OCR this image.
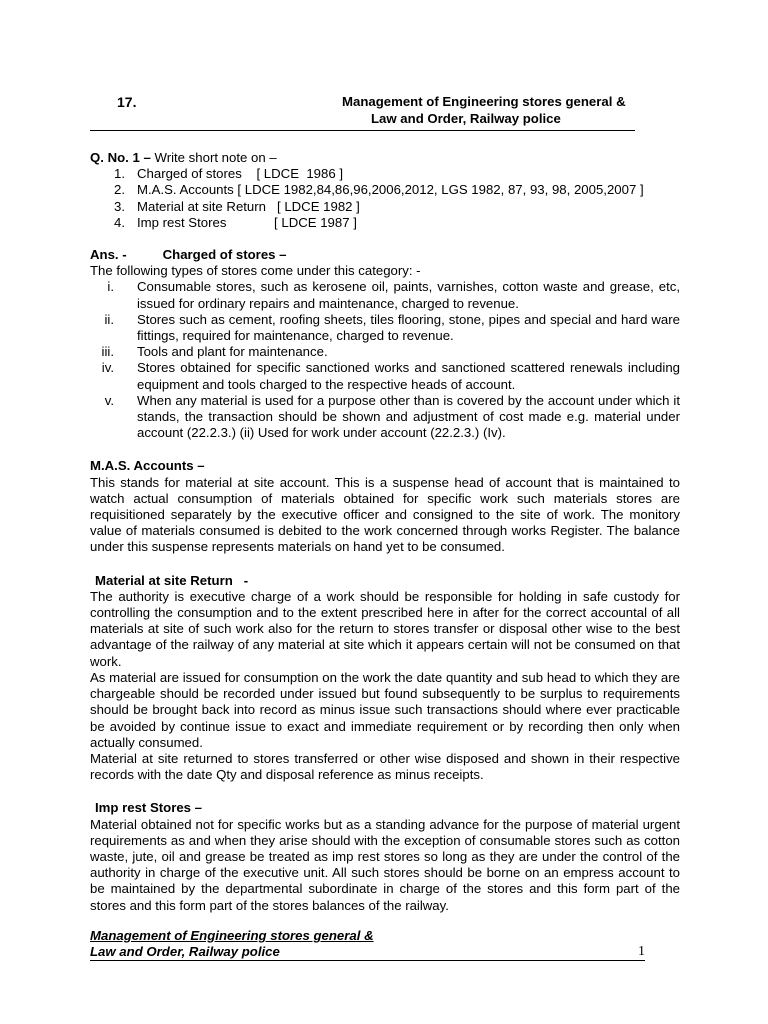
17.	Management of Engineering stores general &
Law and Order, Railway police

Q. No. 1 – Write short note on –

1. Charged of stores    [ LDCE  1986 ]
2. M.A.S. Accounts [ LDCE 1982,84,86,96,2006,2012, LGS 1982, 87, 93, 98, 2005,2007 ]
3. Material at site Return   [ LDCE 1982 ]
4. Imp rest Stores             [ LDCE 1987 ]

Ans. -	Charged of stores –

The following types of stores come under this category: -

i. Consumable stores, such as kerosene oil, paints, varnishes, cotton waste and grease, etc, issued for ordinary repairs and maintenance, charged to revenue.
ii. Stores such as cement, roofing sheets, tiles flooring, stone, pipes and special and hard ware fittings, required for maintenance, charged to revenue.
iii. Tools and plant for maintenance.
iv. Stores obtained for specific sanctioned works and sanctioned scattered renewals including equipment and tools charged to the respective heads of account.
v. When any material is used for a purpose other than is covered by the account under which it stands, the transaction should be shown and adjustment of cost made e.g. material under account (22.2.3.) (ii) Used for work under account (22.2.3.) (Iv).

M.A.S. Accounts –

This stands for material at site account. This is a suspense head of account that is maintained to watch actual consumption of materials obtained for specific work such materials stores are requisitioned separately by the executive officer and consigned to the site of work. The monitory value of materials consumed is debited to the work concerned through works Register. The balance under this suspense represents materials on hand yet to be consumed.

Material at site Return   -

The authority is executive charge of a work should be responsible for holding in safe custody for controlling the consumption and to the extent prescribed here in after for the correct accountal of all materials at site of such work also for the return to stores transfer or disposal other wise to the best advantage of the railway of any material at site which it appears certain will not be consumed on that work.

As material are issued for consumption on the work the date quantity and sub head to which they are chargeable should be recorded under issued but found subsequently to be surplus to requirements should be brought back into record as minus issue such transactions should where ever practicable be avoided by continue issue to exact and immediate requirement or by recording then only when actually consumed.

Material at site returned to stores transferred or other wise disposed and shown in their respective records with the date Qty and disposal reference as minus receipts.

Imp rest Stores –

Material obtained not for specific works but as a standing advance for the purpose of material urgent requirements as and when they arise should with the exception of consumable stores such as cotton waste, jute, oil and grease be treated as imp rest stores so long as they are under the control of the authority in charge of the executive unit. All such stores should be borne on an empress account to be maintained by the departmental subordinate in charge of the stores and this form part of the stores and this form part of the stores balances of the railway.

Management of Engineering stores general &

Law and Order, Railway police	1
